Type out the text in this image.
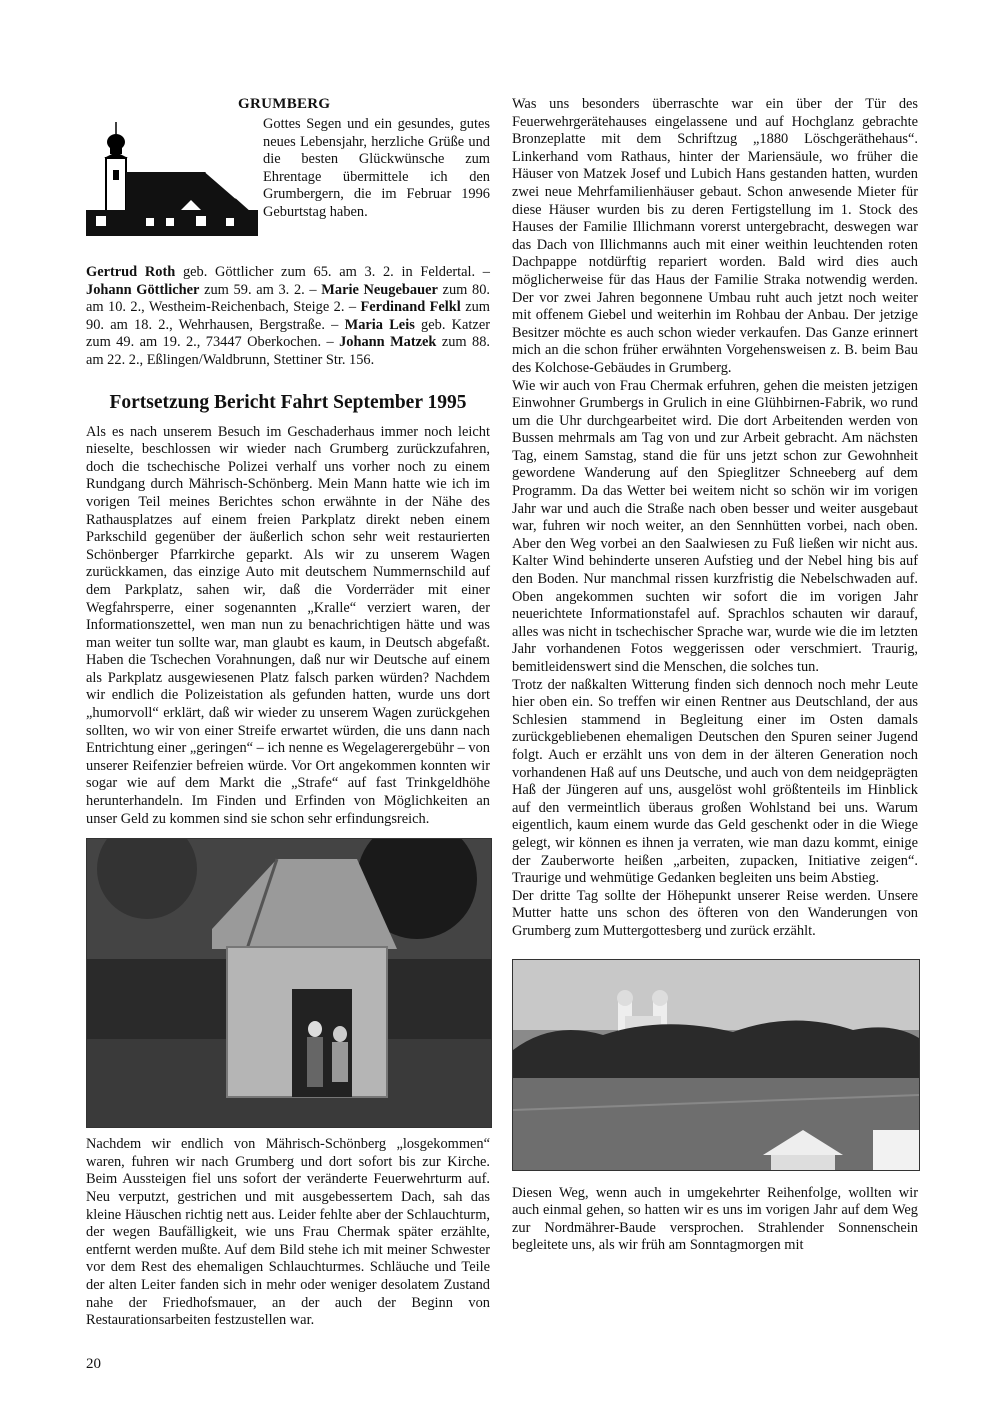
GRUMBERG

Gottes Segen und ein gesundes, gutes neues Lebensjahr, herzliche Grüße und die besten Glückwünsche zum Ehrentage übermittele ich den Grumbergern, die im Februar 1996 Geburtstag haben.

Gertrud Roth geb. Göttlicher zum 65. am 3. 2. in Feldertal. – Johann Göttlicher zum 59. am 3. 2. – Marie Neugebauer zum 80. am 10. 2., Westheim-Reichenbach, Steige 2. – Ferdinand Felkl zum 90. am 18. 2., Wehrhausen, Bergstraße. – Maria Leis geb. Katzer zum 49. am 19. 2., 73447 Oberkochen. – Johann Matzek zum 88. am 22. 2., Eßlingen/Waldbrunn, Stettiner Str. 156.

Fortsetzung Bericht Fahrt September 1995

Als es nach unserem Besuch im Geschaderhaus immer noch leicht nieselte, beschlossen wir wieder nach Grumberg zurückzufahren, doch die tschechische Polizei verhalf uns vorher noch zu einem Rundgang durch Mährisch-Schönberg. Mein Mann hatte wie ich im vorigen Teil meines Berichtes schon erwähnte in der Nähe des Rathausplatzes auf einem freien Parkplatz direkt neben einem Parkschild gegenüber der äußerlich schon sehr weit restaurierten Schönberger Pfarrkirche geparkt. Als wir zu unserem Wagen zurückkamen, das einzige Auto mit deutschem Nummernschild auf dem Parkplatz, sahen wir, daß die Vorderräder mit einer Wegfahrsperre, einer sogenannten „Kralle“ verziert waren, der Informationszettel, wen man nun zu benachrichtigen hätte und was man weiter tun sollte war, man glaubt es kaum, in Deutsch abgefaßt. Haben die Tschechen Vorahnungen, daß nur wir Deutsche auf einem als Parkplatz ausgewiesenen Platz falsch parken würden? Nachdem wir endlich die Polizeistation als gefunden hatten, wurde uns dort „humorvoll“ erklärt, daß wir wieder zu unserem Wagen zurückgehen sollten, wo wir von einer Streife erwartet würden, die uns dann nach Entrichtung einer „geringen“ – ich nenne es Wegelagerergebühr – von unserer Reifenzier befreien würde. Vor Ort angekommen konnten wir sogar wie auf dem Markt die „Strafe“ auf fast Trinkgeldhöhe herunterhandeln. Im Finden und Erfinden von Möglichkeiten an unser Geld zu kommen sind sie schon sehr erfindungsreich.

Nachdem wir endlich von Mährisch-Schönberg „losgekommen“ waren, fuhren wir nach Grumberg und dort sofort bis zur Kirche. Beim Aussteigen fiel uns sofort der veränderte Feuerwehrturm auf. Neu verputzt, gestrichen und mit ausgebessertem Dach, sah das kleine Häuschen richtig nett aus. Leider fehlte aber der Schlauchturm, der wegen Baufälligkeit, wie uns Frau Chermak später erzählte, entfernt werden mußte. Auf dem Bild stehe ich mit meiner Schwester vor dem Rest des ehemaligen Schlauchturmes. Schläuche und Teile der alten Leiter fanden sich in mehr oder weniger desolatem Zustand nahe der Friedhofsmauer, an der auch der Beginn von Restaurationsarbeiten festzustellen war.

Was uns besonders überraschte war ein über der Tür des Feuerwehrgerätehauses eingelassene und auf Hochglanz gebrachte Bronzeplatte mit dem Schriftzug „1880 Löschgeräthehaus“. Linkerhand vom Rathaus, hinter der Mariensäule, wo früher die Häuser von Matzek Josef und Lubich Hans gestanden hatten, wurden zwei neue Mehrfamilienhäuser gebaut. Schon anwesende Mieter für diese Häuser wurden bis zu deren Fertigstellung im 1. Stock des Hauses der Familie Illichmann vorerst untergebracht, deswegen war das Dach von Illichmanns auch mit einer weithin leuchtenden roten Dachpappe notdürftig repariert worden. Bald wird dies auch möglicherweise für das Haus der Familie Straka notwendig werden. Der vor zwei Jahren begonnene Umbau ruht auch jetzt noch weiter mit offenem Giebel und weiterhin im Rohbau der Anbau. Der jetzige Besitzer möchte es auch schon wieder verkaufen. Das Ganze erinnert mich an die schon früher erwähnten Vorgehensweisen z. B. beim Bau des Kolchose-Gebäudes in Grumberg.

Wie wir auch von Frau Chermak erfuhren, gehen die meisten jetzigen Einwohner Grumbergs in Grulich in eine Glühbirnen-Fabrik, wo rund um die Uhr durchgearbeitet wird. Die dort Arbeitenden werden von Bussen mehrmals am Tag von und zur Arbeit gebracht. Am nächsten Tag, einem Samstag, stand die für uns jetzt schon zur Gewohnheit gewordene Wanderung auf den Spieglitzer Schneeberg auf dem Programm. Da das Wetter bei weitem nicht so schön wir im vorigen Jahr war und auch die Straße nach oben besser und weiter ausgebaut war, fuhren wir noch weiter, an den Sennhütten vorbei, nach oben. Aber den Weg vorbei an den Saalwiesen zu Fuß ließen wir nicht aus. Kalter Wind behinderte unseren Aufstieg und der Nebel hing bis auf den Boden. Nur manchmal rissen kurzfristig die Nebelschwaden auf. Oben angekommen suchten wir sofort die im vorigen Jahr neuerichtete Informationstafel auf. Sprachlos schauten wir darauf, alles was nicht in tschechischer Sprache war, wurde wie die im letzten Jahr vorhandenen Fotos weggerissen oder verschmiert. Traurig, bemitleidenswert sind die Menschen, die solches tun.

Trotz der naßkalten Witterung finden sich dennoch noch mehr Leute hier oben ein. So treffen wir einen Rentner aus Deutschland, der aus Schlesien stammend in Begleitung einer im Osten damals zurückgebliebenen ehemaligen Deutschen den Spuren seiner Jugend folgt. Auch er erzählt uns von dem in der älteren Generation noch vorhandenen Haß auf uns Deutsche, und auch von dem neidgeprägten Haß der Jüngeren auf uns, ausgelöst wohl größtenteils im Hinblick auf den vermeintlich überaus großen Wohlstand bei uns. Warum eigentlich, kaum einem wurde das Geld geschenkt oder in die Wiege gelegt, wir können es ihnen ja verraten, wie man dazu kommt, einige der Zauberworte heißen „arbeiten, zupacken, Initiative zeigen“. Traurige und wehmütige Gedanken begleiten uns beim Abstieg.

Der dritte Tag sollte der Höhepunkt unserer Reise werden. Unsere Mutter hatte uns schon des öfteren von den Wanderungen von Grumberg zum Muttergottesberg und zurück erzählt.

Diesen Weg, wenn auch in umgekehrter Reihenfolge, wollten wir auch einmal gehen, so hatten wir es uns im vorigen Jahr auf dem Weg zur Nordmährer-Baude versprochen. Strahlender Sonnenschein begleitete uns, als wir früh am Sonntagmorgen mit

20
